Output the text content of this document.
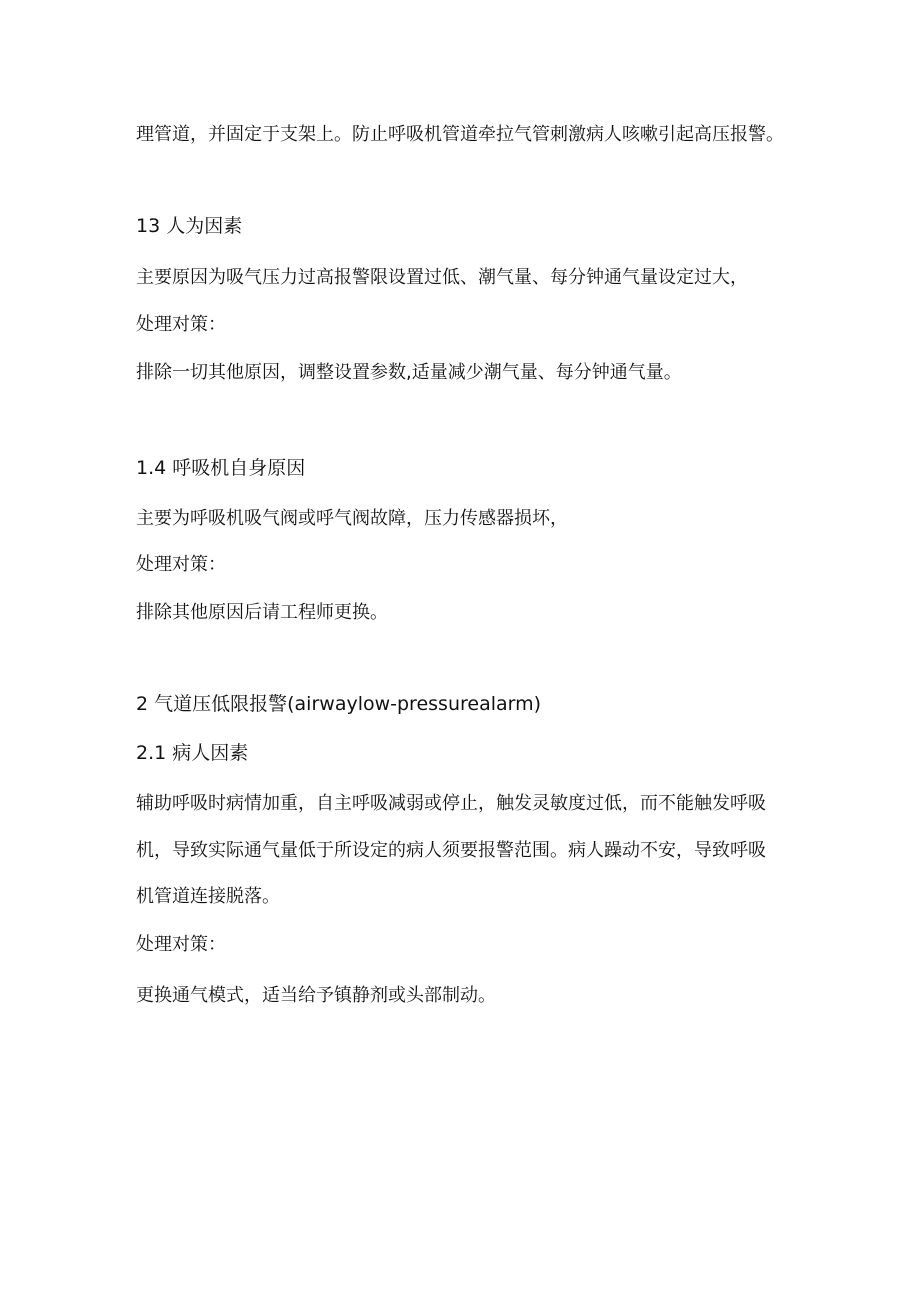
理管道，并固定于支架上。防止呼吸机管道牵拉气管刺激病人咳嗽引起高压报警。

13 人为因素

主要原因为吸气压力过高报警限设置过低、潮气量、每分钟通气量设定过大，

处理对策：

排除一切其他原因，调整设置参数,适量减少潮气量、每分钟通气量。

1.4 呼吸机自身原因

主要为呼吸机吸气阀或呼气阀故障，压力传感器损坏，

处理对策：

排除其他原因后请工程师更换。

2 气道压低限报警(airwaylow-pressurealarm)

2.1 病人因素

辅助呼吸时病情加重，自主呼吸减弱或停止，触发灵敏度过低，而不能触发呼吸

机，导致实际通气量低于所设定的病人须要报警范围。病人躁动不安，导致呼吸

机管道连接脱落。

处理对策：

更换通气模式，适当给予镇静剂或头部制动。
